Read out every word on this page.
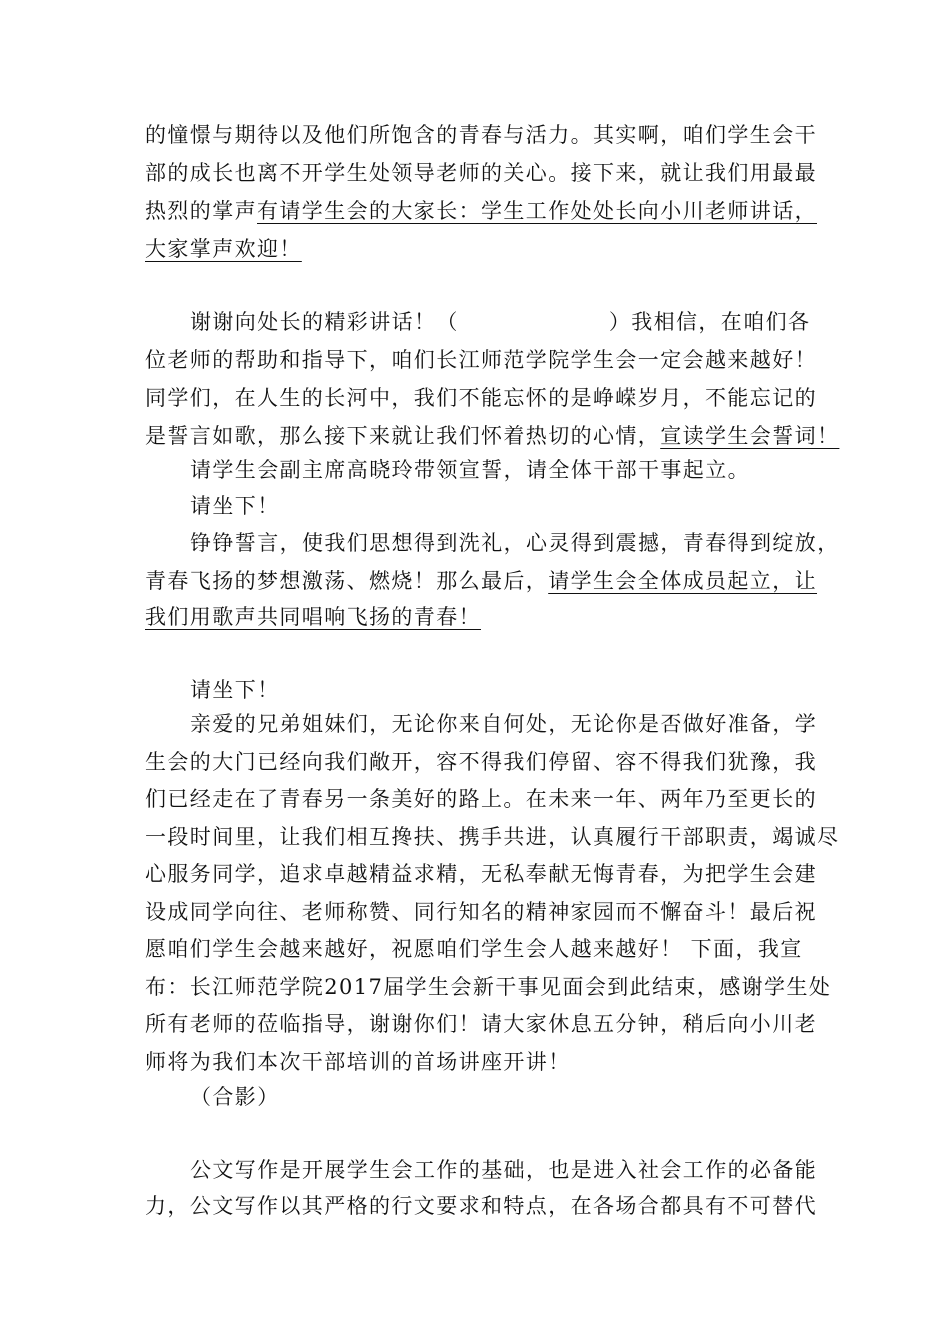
的憧憬与期待以及他们所饱含的青春与活力。其实啊，咱们学生会干
部的成长也离不开学生处领导老师的关心。接下来，就让我们用最最
热烈的掌声有请学生会的大家长：学生工作处处长向小川老师讲话，
大家掌声欢迎！
谢谢向处长的精彩讲话！（	）我相信，在咱们各
位老师的帮助和指导下，咱们长江师范学院学生会一定会越来越好！
同学们，在人生的长河中，我们不能忘怀的是峥嵘岁月，不能忘记的
是誓言如歌，那么接下来就让我们怀着热切的心情，宣读学生会誓词！
请学生会副主席高晓玲带领宣誓，请全体干部干事起立。
请坐下！
铮铮誓言，使我们思想得到洗礼，心灵得到震撼，青春得到绽放，
青春飞扬的梦想激荡、燃烧！那么最后，请学生会全体成员起立，让
我们用歌声共同唱响飞扬的青春！
请坐下！
亲爱的兄弟姐妹们，无论你来自何处，无论你是否做好准备，学
生会的大门已经向我们敞开，容不得我们停留、容不得我们犹豫，我
们已经走在了青春另一条美好的路上。在未来一年、两年乃至更长的
一段时间里，让我们相互搀扶、携手共进，认真履行干部职责，竭诚尽
心服务同学，追求卓越精益求精，无私奉献无悔青春，为把学生会建
设成同学向往、老师称赞、同行知名的精神家园而不懈奋斗！最后祝
愿咱们学生会越来越好，祝愿咱们学生会人越来越好！ 下面，我宣
布：长江师范学院2017届学生会新干事见面会到此结束，感谢学生处
所有老师的莅临指导，谢谢你们！请大家休息五分钟，稍后向小川老
师将为我们本次干部培训的首场讲座开讲！
（合影）
公文写作是开展学生会工作的基础，也是进入社会工作的必备能
力，公文写作以其严格的行文要求和特点，在各场合都具有不可替代
